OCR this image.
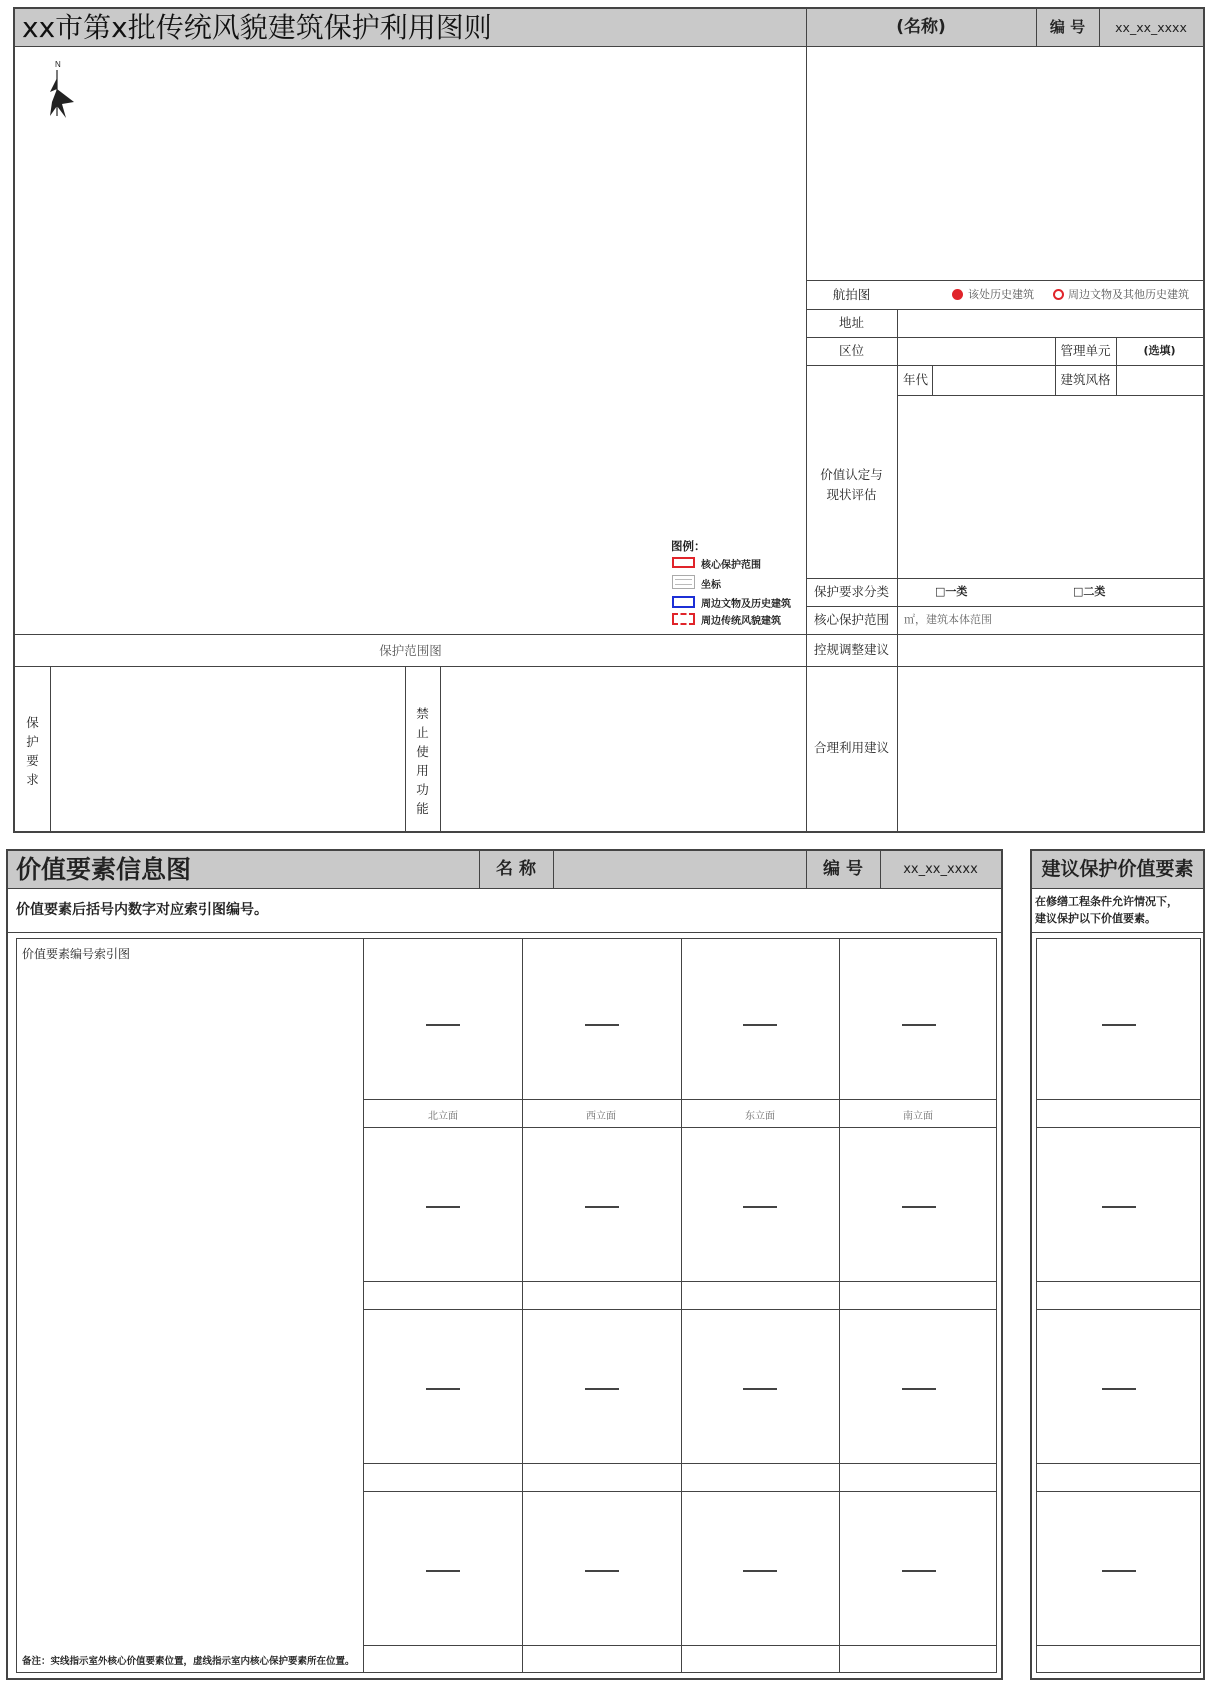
xx市第x批传统风貌建筑保护利用图则	(名称)	编 号	xx_xx_xxxx
N
图例：
核心保护范围
坐标
周边文物及历史建筑
周边传统风貌建筑
保护范围图
航拍图	该处历史建筑	周边文物及其他历史建筑
地址
区位	管理单元	(选填)
年代	建筑风格
价值认定与
现状评估
保护要求分类	□一类	□二类
核心保护范围	㎡，建筑本体范围
控规调整建议
保
护
要
求
禁
止
使
用
功
能
合理利用建议
价值要素信息图	名 称	编 号	xx_xx_xxxx
价值要素后括号内数字对应索引图编号。
价值要素编号索引图
备注：实线指示室外核心价值要素位置，虚线指示室内核心保护要素所在位置。
北立面	西立面	东立面	南立面
建议保护价值要素
在修缮工程条件允许情况下，
建议保护以下价值要素。
